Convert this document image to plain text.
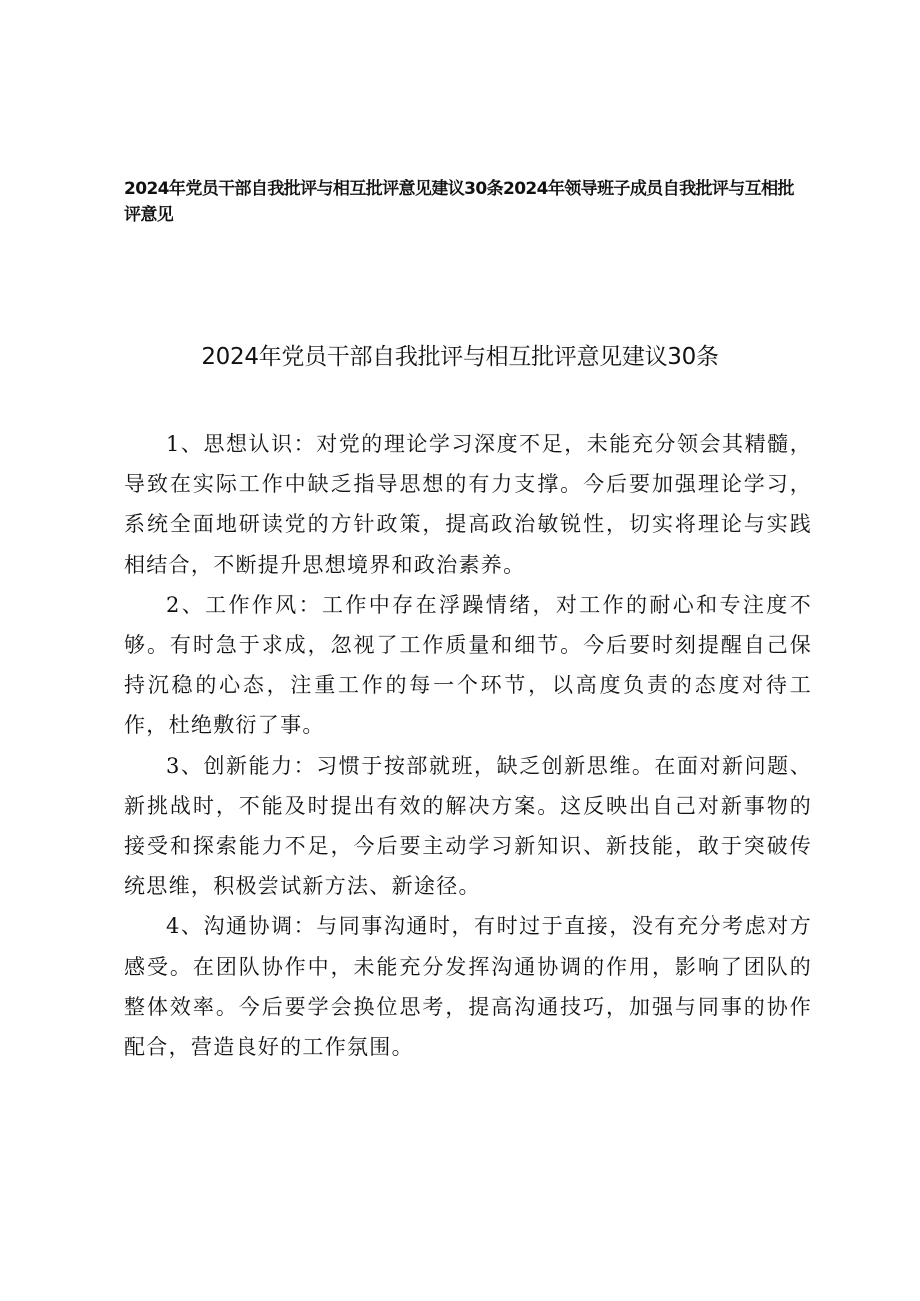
2024年党员干部自我批评与相互批评意见建议30条2024年领导班子成员自我批评与互相批评意见
2024年党员干部自我批评与相互批评意见建议30条

1、思想认识：对党的理论学习深度不足，未能充分领会其精髓，导致在实际工作中缺乏指导思想的有力支撑。今后要加强理论学习，系统全面地研读党的方针政策，提高政治敏锐性，切实将理论与实践相结合，不断提升思想境界和政治素养。

2、工作作风：工作中存在浮躁情绪，对工作的耐心和专注度不够。有时急于求成，忽视了工作质量和细节。今后要时刻提醒自己保持沉稳的心态，注重工作的每一个环节，以高度负责的态度对待工作，杜绝敷衍了事。

3、创新能力：习惯于按部就班，缺乏创新思维。在面对新问题、新挑战时，不能及时提出有效的解决方案。这反映出自己对新事物的接受和探索能力不足，今后要主动学习新知识、新技能，敢于突破传统思维，积极尝试新方法、新途径。

4、沟通协调：与同事沟通时，有时过于直接，没有充分考虑对方感受。在团队协作中，未能充分发挥沟通协调的作用，影响了团队的整体效率。今后要学会换位思考，提高沟通技巧，加强与同事的协作配合，营造良好的工作氛围。
